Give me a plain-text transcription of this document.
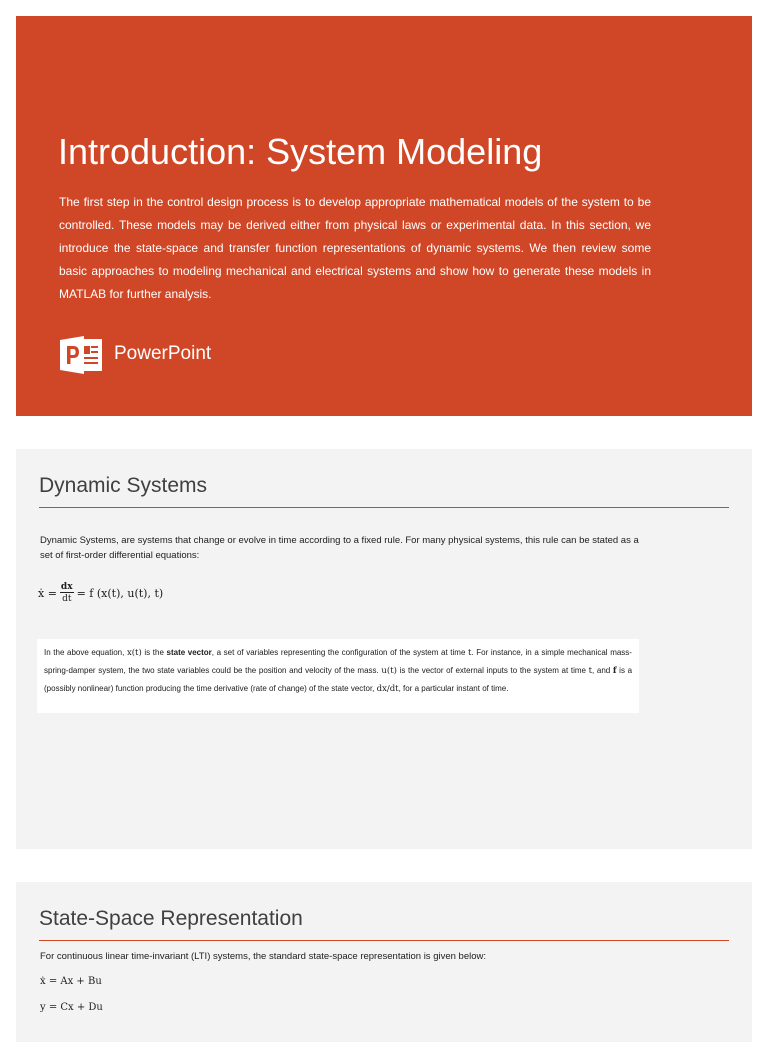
Introduction: System Modeling

The first step in the control design process is to develop appropriate mathematical models of the system to be controlled. These models may be derived either from physical laws or experimental data. In this section, we introduce the state-space and transfer function representations of dynamic systems. We then review some basic approaches to modeling mechanical and electrical systems and show how to generate these models in MATLAB for further analysis.

PowerPoint
Dynamic Systems

Dynamic Systems, are systems that change or evolve in time according to a fixed rule. For many physical systems, this rule can be stated as a set of first-order differential equations:

ẋ = $\frac{dx}{dt} = f$ (x(t), u(t), t)
In the above equation, x(t) is the state vector, a set of variables representing the configuration of the system at time t. For instance, in a simple mechanical mass-spring-damper system, the two state variables could be the position and velocity of the mass. u(t) is the vector of external inputs to the system at time t, and f is a (possibly nonlinear) function producing the time derivative (rate of change) of the state vector, dx/dt, for a particular instant of time.
State-Space Representation

For continuous linear time-invariant (LTI) systems, the standard state-space representation is given below:

ẋ = Ax + Bu
y = Cx + Du
